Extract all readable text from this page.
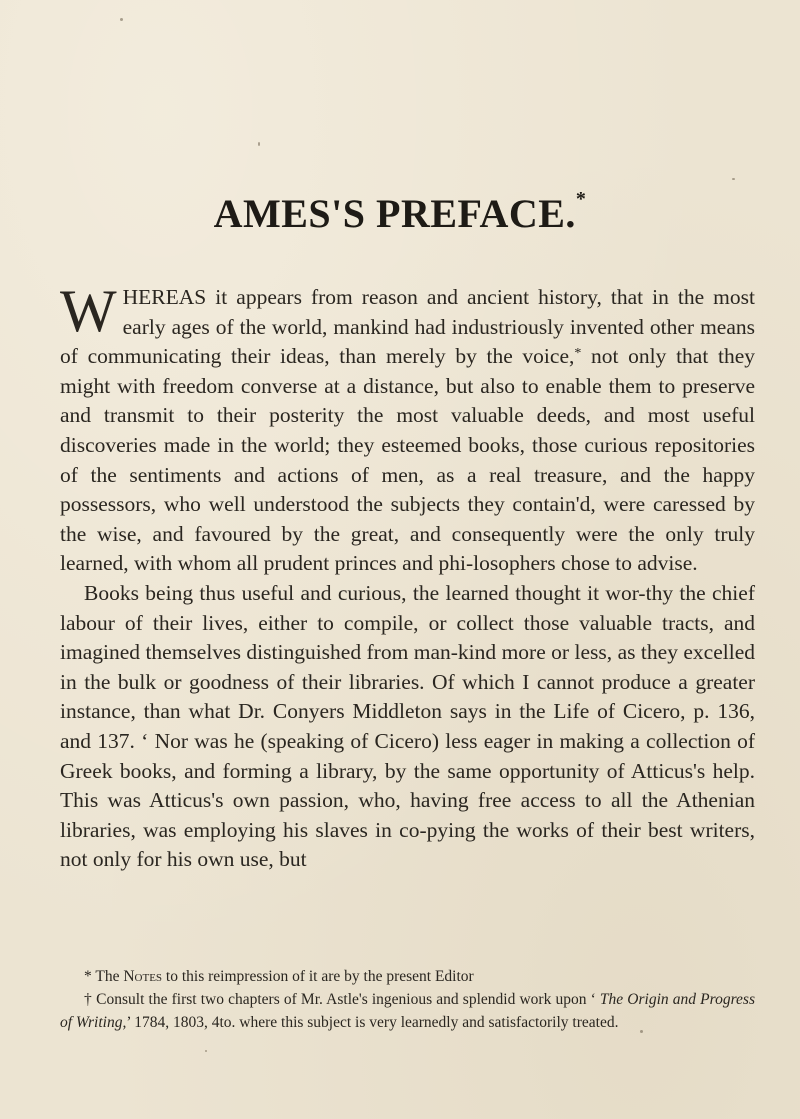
AMES'S PREFACE.*

WHEREAS it appears from reason and ancient history, that in the most early ages of the world, mankind had industriously invented other means of communicating their ideas, than merely by the voice,* not only that they might with freedom converse at a distance, but also to enable them to preserve and transmit to their posterity the most valuable deeds, and most useful discoveries made in the world; they esteemed books, those curious repositories of the sentiments and actions of men, as a real treasure, and the happy possessors, who well understood the subjects they contain'd, were caressed by the wise, and favoured by the great, and consequently were the only truly learned, with whom all prudent princes and phi-losophers chose to advise.

Books being thus useful and curious, the learned thought it wor-thy the chief labour of their lives, either to compile, or collect those valuable tracts, and imagined themselves distinguished from man-kind more or less, as they excelled in the bulk or goodness of their libraries. Of which I cannot produce a greater instance, than what Dr. Conyers Middleton says in the Life of Cicero, p. 136, and 137. ‘ Nor was he (speaking of Cicero) less eager in making a collection of Greek books, and forming a library, by the same opportunity of Atticus's help. This was Atticus's own passion, who, having free access to all the Athenian libraries, was employing his slaves in co-pying the works of their best writers, not only for his own use, but

* The Notes to this reimpression of it are by the present Editor

† Consult the first two chapters of Mr. Astle's ingenious and splendid work upon ‘ The Origin and Progress of Writing,’ 1784, 1803, 4to. where this subject is very learnedly and satisfactorily treated.
